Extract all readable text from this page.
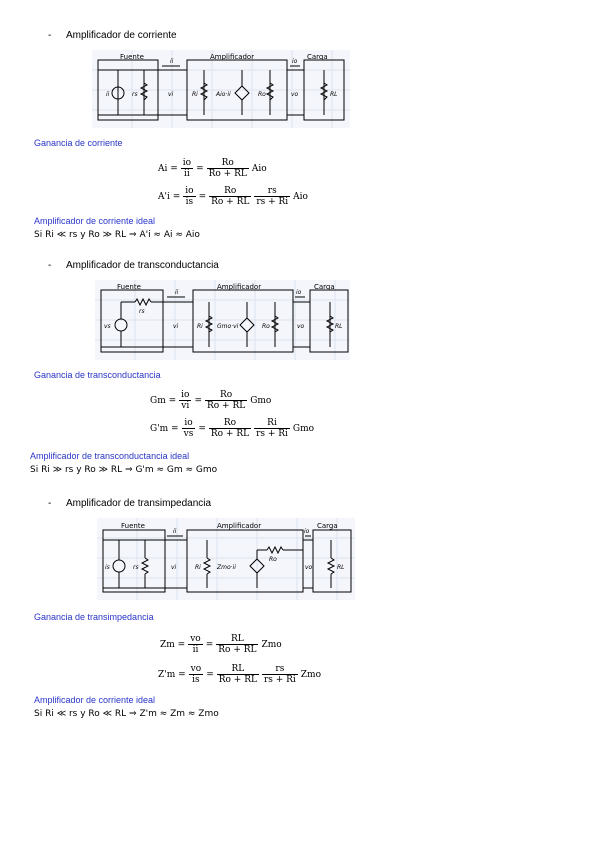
- Amplificador de corriente
Fuente	Amplificador	Carga
ii	rs	Ri	Aio·ii	Ro	RL
ii	io
vi	vo
Ganancia de corriente
$Ai = \frac{io}{ii} = \frac{Ro}{Ro + RL}$ Aio
$A'i = \frac{io}{is} = \frac{Ro}{Ro + RL} \frac{rs}{rs + Ri}$ Aio
Amplificador de corriente ideal
Si Ri ≪ rs y Ro ≫ RL ⇒ A'i ≈ Ai ≈ Aio
- Amplificador de transconductancia
Fuente	Amplificador	Carga
vs
rs
Ri Gmo·vi	Ro	RL
ii	io
vi	vo
Ganancia de transconductancia
$Gm = \frac{io}{vi} = \frac{Ro}{Ro + RL}$ Gmo
$G'm = \frac{io}{vs} = \frac{Ro}{Ro + RL} \frac{Ri}{rs + Ri}$ Gmo
Amplificador de transconductancia ideal
Si Ri ≫ rs y Ro ≫ RL ⇒ G'm ≈ Gm ≈ Gmo
- Amplificador de transimpedancia
Fuente	Amplificador	Carga
is	rs	Ri	Zmo·ii
Ro
RL
ii	io
vi	vo
Ganancia de transimpedancia
$Zm = \frac{vo}{ii} = \frac{RL}{Ro + RL}$ Zmo
$Z'm = \frac{vo}{is} = \frac{RL}{Ro + RL} \frac{rs}{rs + Ri}$ Zmo
Amplificador de corriente ideal
Si Ri ≪ rs y Ro ≪ RL ⇒ Z'm ≈ Zm ≈ Zmo
